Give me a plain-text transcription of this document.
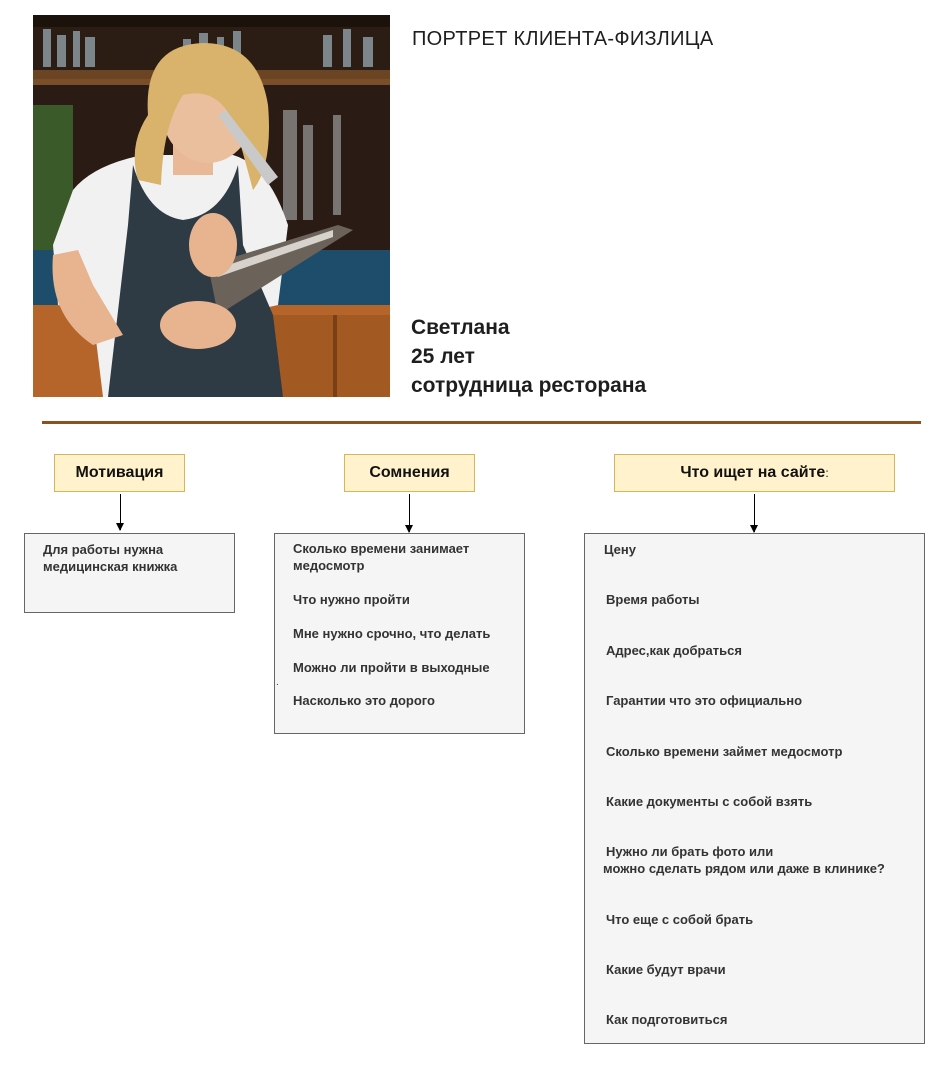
ПОРТРЕТ КЛИЕНТА-ФИЗЛИЦА
Светлана
25 лет
сотрудница ресторана
Мотивация	Сомнения	Что ищет на сайте :
Для работы нужна
медицинская книжка
Сколько времени занимает
медосмотр
Что нужно пройти
Мне нужно срочно, что делать
Можно ли пройти в выходные
Насколько это дорого
.
Цену
Время работы
Адрес,как добраться
Гарантии что это официально
Сколько времени займет медосмотр
Какие документы с собой взять
Нужно ли брать фото или
можно сделать рядом или даже в клинике?
Что еще с собой брать
Какие будут врачи
Как подготовиться
